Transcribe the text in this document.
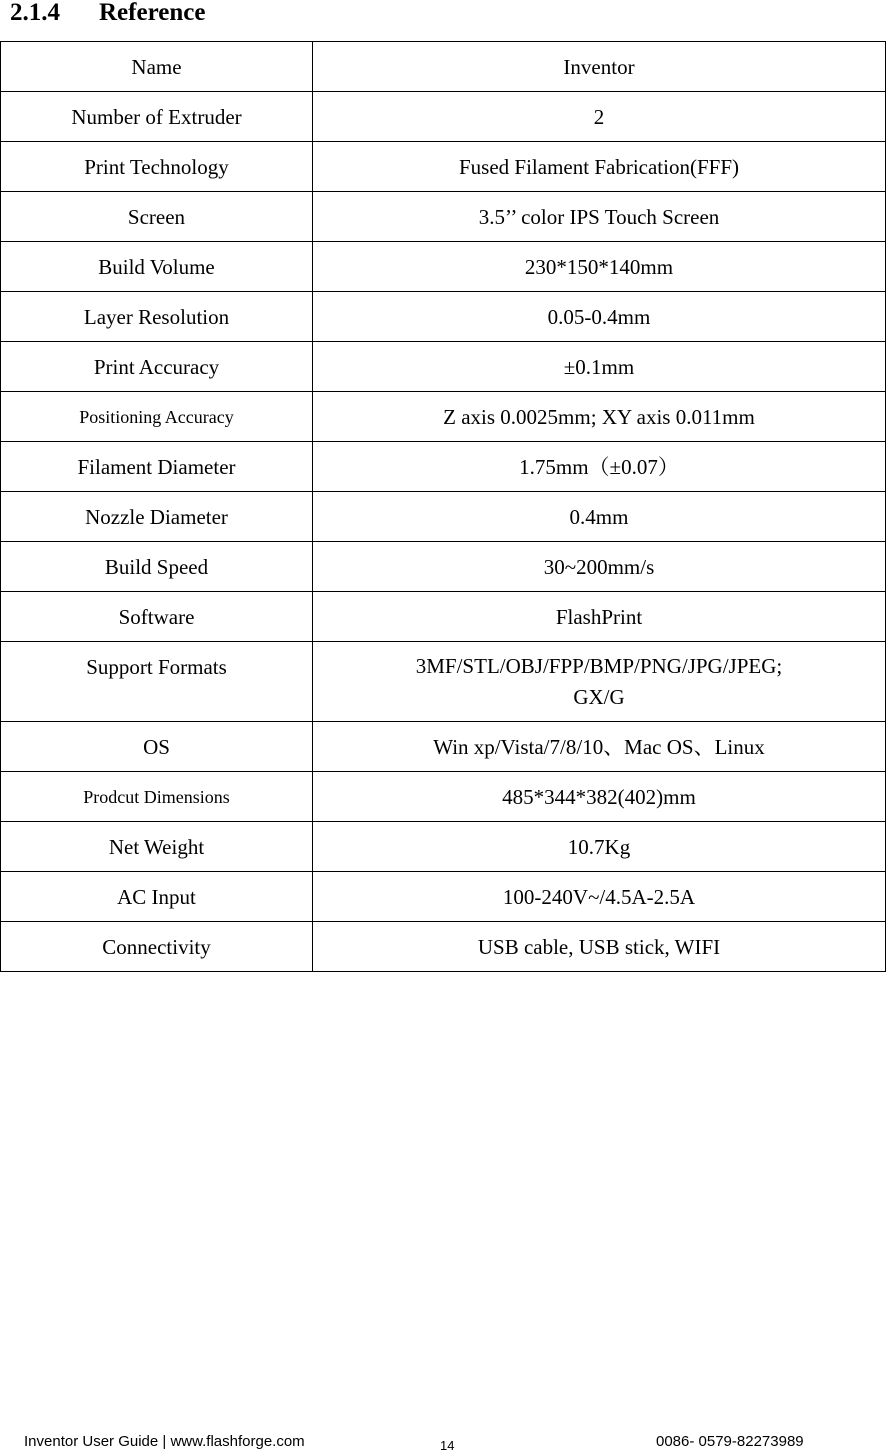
2.1.4 Reference
Name	Inventor
Number of Extruder	2
Print Technology	Fused Filament Fabrication(FFF)
Screen	3.5’’ color IPS Touch Screen
Build Volume	230*150*140mm
Layer Resolution	0.05-0.4mm
Print Accuracy	±0.1mm
Positioning Accuracy	Z axis 0.0025mm; XY axis 0.011mm
Filament Diameter	1.75mm（±0.07）
Nozzle Diameter	0.4mm
Build Speed	30~200mm/s
Software	FlashPrint
Support Formats	3MF/STL/OBJ/FPP/BMP/PNG/JPG/JPEG;
GX/G

OS	Win xp/Vista/7/8/10、Mac OS、Linux
Prodcut Dimensions	485*344*382(402)mm
Net Weight	10.7Kg
AC Input	100-240V~/4.5A-2.5A
Connectivity	USB cable, USB stick, WIFI
Inventor User Guide | www.flashforge.com	14	0086- 0579-82273989
